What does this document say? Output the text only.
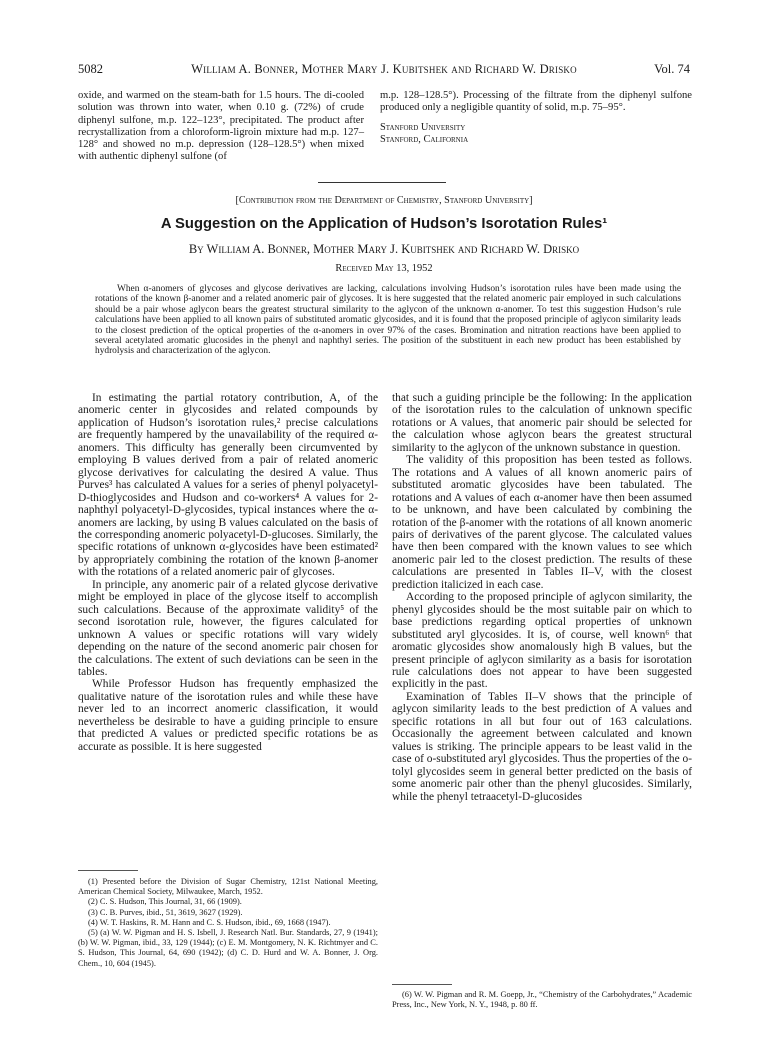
5082	William A. Bonner, Mother Mary J. Kubitshek and Richard W. Drisko	Vol. 74

oxide, and warmed on the steam-bath for 1.5 hours. The di-cooled solution was thrown into water, when 0.10 g. (72%) of crude diphenyl sulfone, m.p. 122–123°, precipitated. The product after recrystallization from a chloroform-ligroin mixture had m.p. 127–128° and showed no m.p. depression (128–128.5°) when mixed with authentic diphenyl sulfone (of

m.p. 128–128.5°). Processing of the filtrate from the diphenyl sulfone produced only a negligible quantity of solid, m.p. 75–95°.

Stanford University
Stanford, California

[Contribution from the Department of Chemistry, Stanford University]
A Suggestion on the Application of Hudson’s Isorotation Rules¹
By William A. Bonner, Mother Mary J. Kubitshek and Richard W. Drisko
Received May 13, 1952
When α-anomers of glycoses and glycose derivatives are lacking, calculations involving Hudson’s isorotation rules have been made using the rotations of the known β-anomer and a related anomeric pair of glycoses. It is here suggested that the related anomeric pair employed in such calculations should be a pair whose aglycon bears the greatest structural similarity to the aglycon of the unknown α-anomer. To test this suggestion Hudson’s rule calculations have been applied to all known pairs of substituted aromatic glycosides, and it is found that the proposed principle of aglycon similarity leads to the closest prediction of the optical properties of the α-anomers in over 97% of the cases. Bromination and nitration reactions have been applied to several acetylated aromatic glucosides in the phenyl and naphthyl series. The position of the substituent in each new product has been established by hydrolysis and characterization of the aglycon.

In estimating the partial rotatory contribution, A, of the anomeric center in glycosides and related compounds by application of Hudson’s isorotation rules,² precise calculations are frequently hampered by the unavailability of the required α-anomers. This difficulty has generally been circumvented by employing B values derived from a pair of related anomeric glycose derivatives for calculating the desired A value. Thus Purves³ has calculated A values for a series of phenyl polyacetyl-D-thioglycosides and Hudson and co-workers⁴ A values for 2-naphthyl polyacetyl-D-glycosides, typical instances where the α-anomers are lacking, by using B values calculated on the basis of the corresponding anomeric polyacetyl-D-glucoses. Similarly, the specific rotations of unknown α-glycosides have been estimated² by appropriately combining the rotation of the known β-anomer with the rotations of a related anomeric pair of glycoses.

In principle, any anomeric pair of a related glycose derivative might be employed in place of the glycose itself to accomplish such calculations. Because of the approximate validity⁵ of the second isorotation rule, however, the figures calculated for unknown A values or specific rotations will vary widely depending on the nature of the second anomeric pair chosen for the calculations. The extent of such deviations can be seen in the tables.

While Professor Hudson has frequently emphasized the qualitative nature of the isorotation rules and while these have never led to an incorrect anomeric classification, it would nevertheless be desirable to have a guiding principle to ensure that predicted A values or predicted specific rotations be as accurate as possible. It is here suggested

that such a guiding principle be the following: In the application of the isorotation rules to the calculation of unknown specific rotations or A values, that anomeric pair should be selected for the calculation whose aglycon bears the greatest structural similarity to the aglycon of the unknown substance in question.

The validity of this proposition has been tested as follows. The rotations and A values of all known anomeric pairs of substituted aromatic glycosides have been tabulated. The rotations and A values of each α-anomer have then been assumed to be unknown, and have been calculated by combining the rotation of the β-anomer with the rotations of all known anomeric pairs of derivatives of the parent glycose. The calculated values have then been compared with the known values to see which anomeric pair led to the closest prediction. The results of these calculations are presented in Tables II–V, with the closest prediction italicized in each case.

According to the proposed principle of aglycon similarity, the phenyl glycosides should be the most suitable pair on which to base predictions regarding optical properties of unknown substituted aryl glycosides. It is, of course, well known⁶ that aromatic glycosides show anomalously high B values, but the present principle of aglycon similarity as a basis for isorotation rule calculations does not appear to have been suggested explicitly in the past.

Examination of Tables II–V shows that the principle of aglycon similarity leads to the best prediction of A values and specific rotations in all but four out of 163 calculations. Occasionally the agreement between calculated and known values is striking. The principle appears to be least valid in the case of o-substituted aryl glycosides. Thus the properties of the o-tolyl glycosides seem in general better predicted on the basis of some anomeric pair other than the phenyl glucosides. Similarly, while the phenyl tetraacetyl-D-glucosides

(1) Presented before the Division of Sugar Chemistry, 121st National Meeting, American Chemical Society, Milwaukee, March, 1952.

(2) C. S. Hudson, This Journal, 31, 66 (1909).

(3) C. B. Purves, ibid., 51, 3619, 3627 (1929).

(4) W. T. Haskins, R. M. Hann and C. S. Hudson, ibid., 69, 1668 (1947).

(5) (a) W. W. Pigman and H. S. Isbell, J. Research Natl. Bur. Standards, 27, 9 (1941); (b) W. W. Pigman, ibid., 33, 129 (1944); (c) E. M. Montgomery, N. K. Richtmyer and C. S. Hudson, This Journal, 64, 690 (1942); (d) C. D. Hurd and W. A. Bonner, J. Org. Chem., 10, 604 (1945).

(6) W. W. Pigman and R. M. Goepp, Jr., “Chemistry of the Carbohydrates,” Academic Press, Inc., New York, N. Y., 1948, p. 80 ff.
